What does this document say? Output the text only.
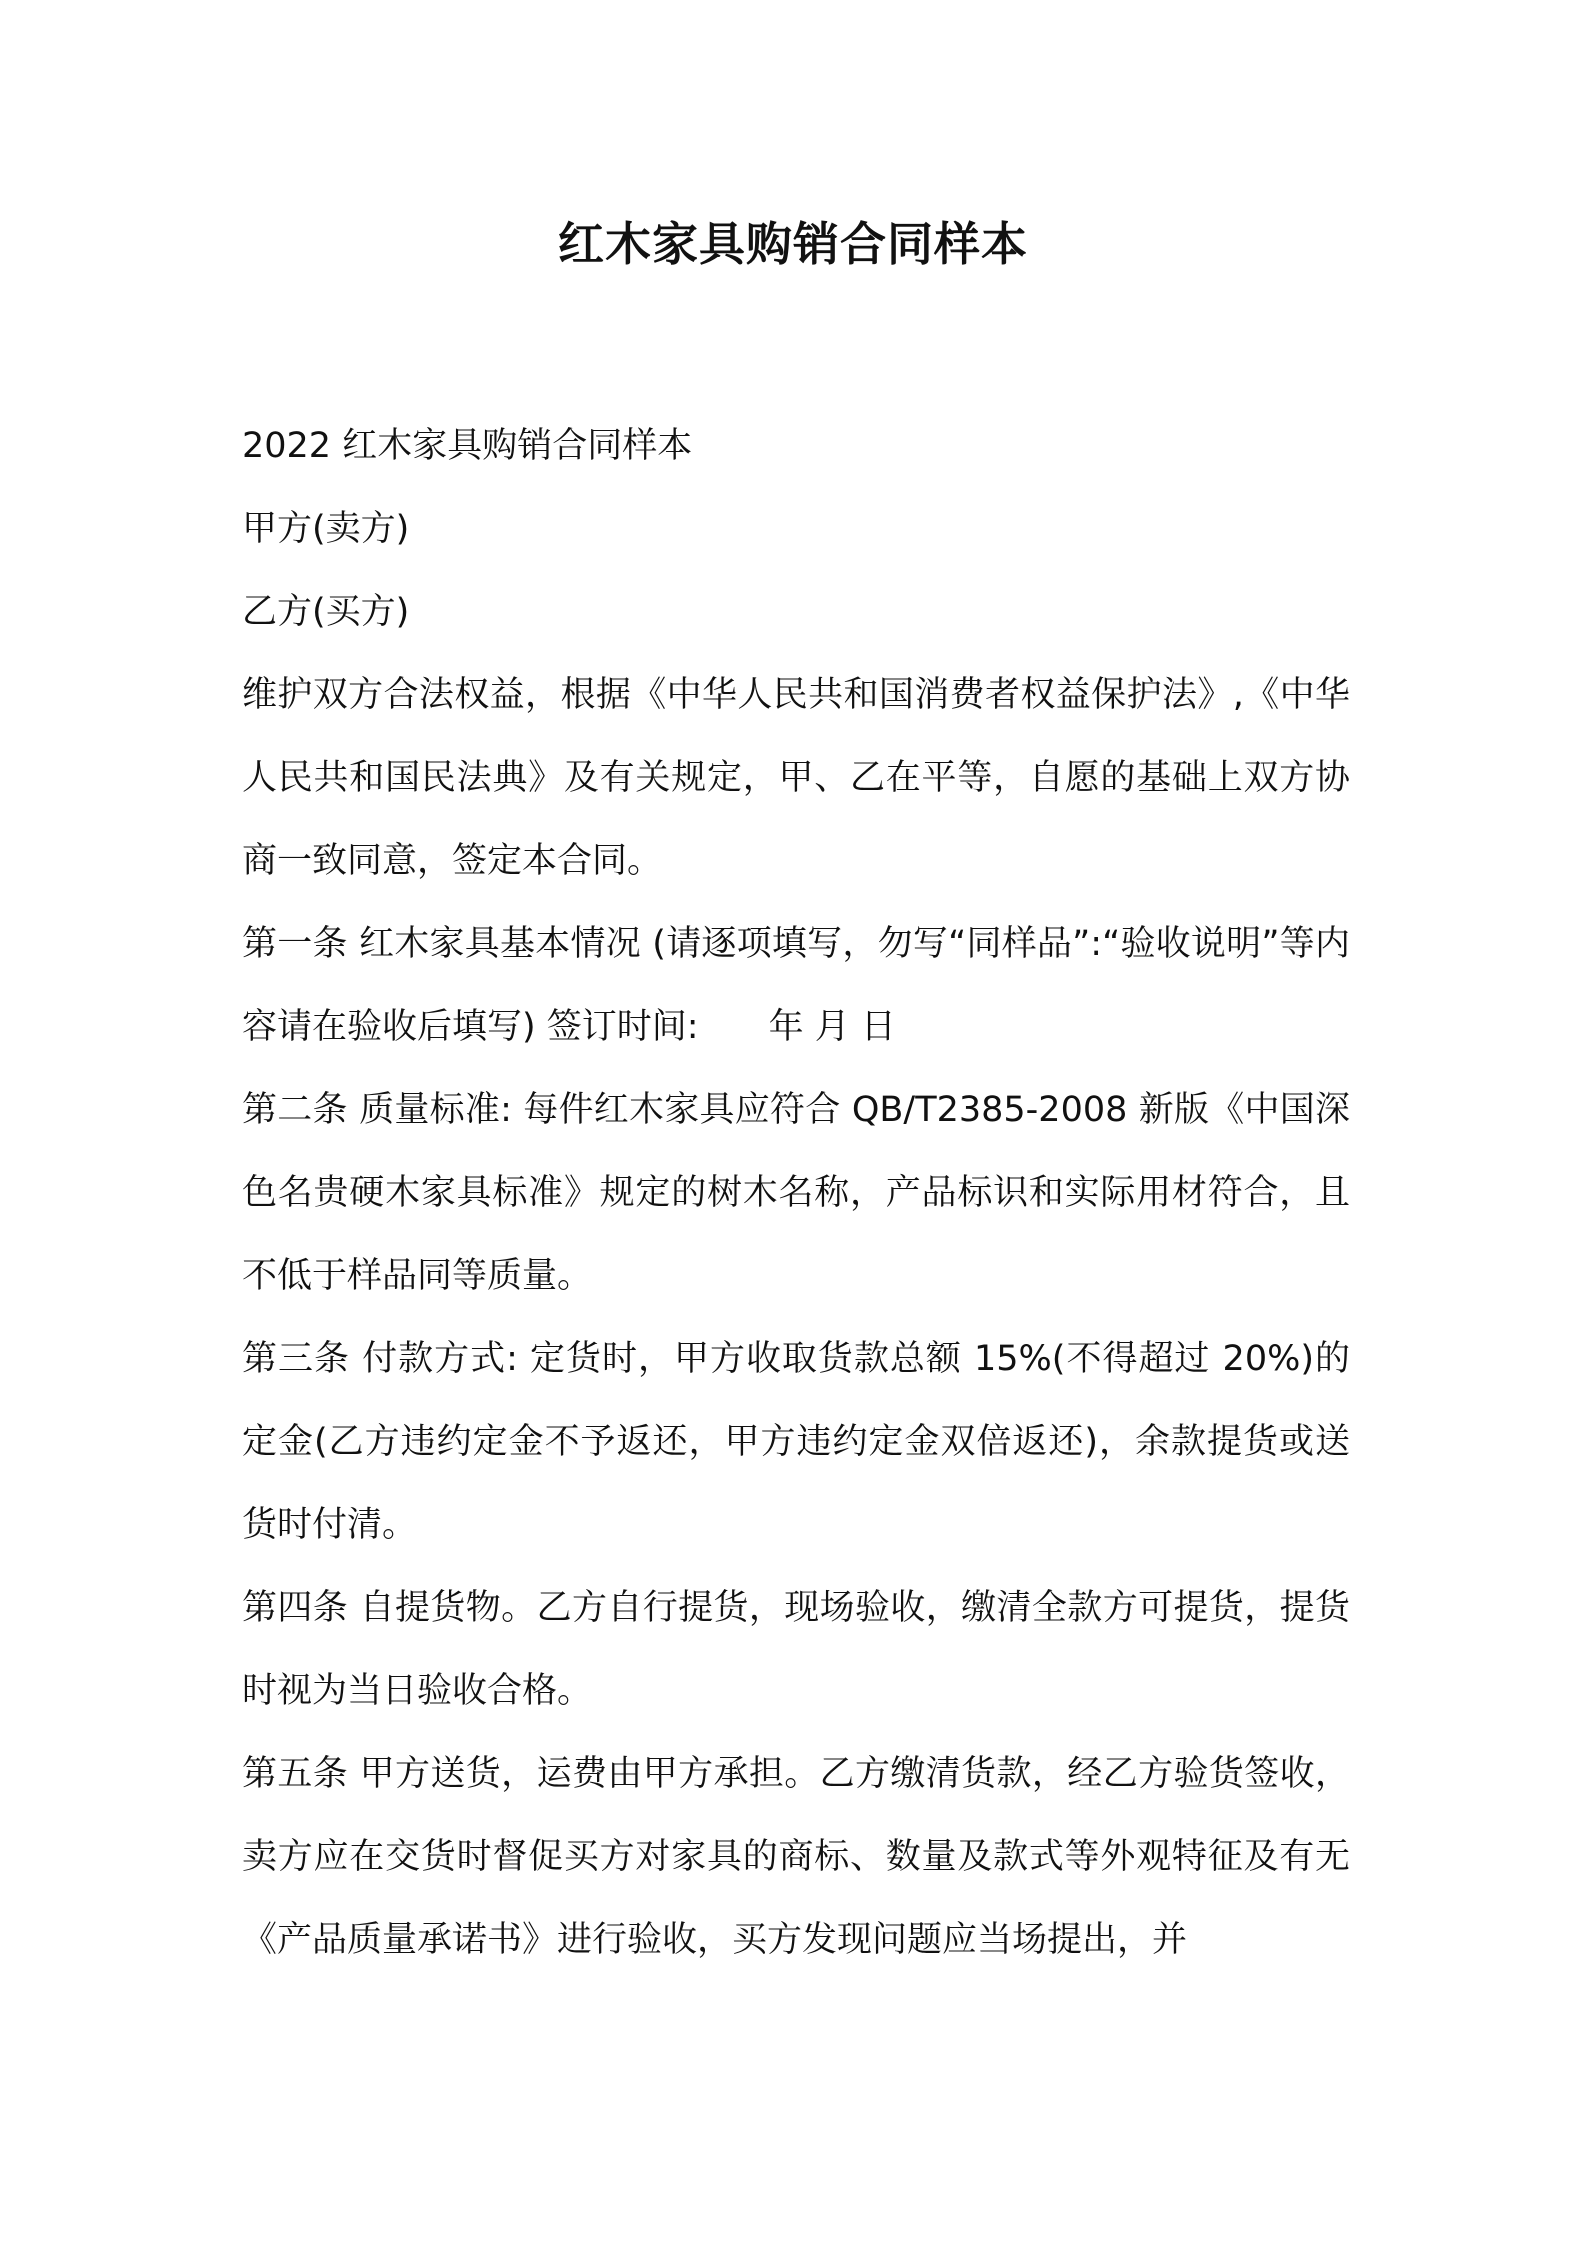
红木家具购销合同样本

2022 红木家具购销合同样本

甲方(卖方)

乙方(买方)

维护双方合法权益，根据《中华人民共和国消费者权益保护法》,《中华人民共和国民法典》及有关规定，甲、乙在平等，自愿的基础上双方协商一致同意，签定本合同。

第一条 红木家具基本情况 (请逐项填写，勿写“同样品”:“验收说明”等内容请在验收后填写) 签订时间:　　年 月 日

第二条 质量标准: 每件红木家具应符合 QB/T2385-2008 新版《中国深色名贵硬木家具标准》规定的树木名称，产品标识和实际用材符合，且不低于样品同等质量。

第三条 付款方式: 定货时，甲方收取货款总额 15%(不得超过 20%)的定金(乙方违约定金不予返还，甲方违约定金双倍返还)，余款提货或送货时付清。

第四条 自提货物。乙方自行提货，现场验收，缴清全款方可提货，提货时视为当日验收合格。

第五条 甲方送货，运费由甲方承担。乙方缴清货款，经乙方验货签收，卖方应在交货时督促买方对家具的商标、数量及款式等外观特征及有无《产品质量承诺书》进行验收，买方发现问题应当场提出，并
